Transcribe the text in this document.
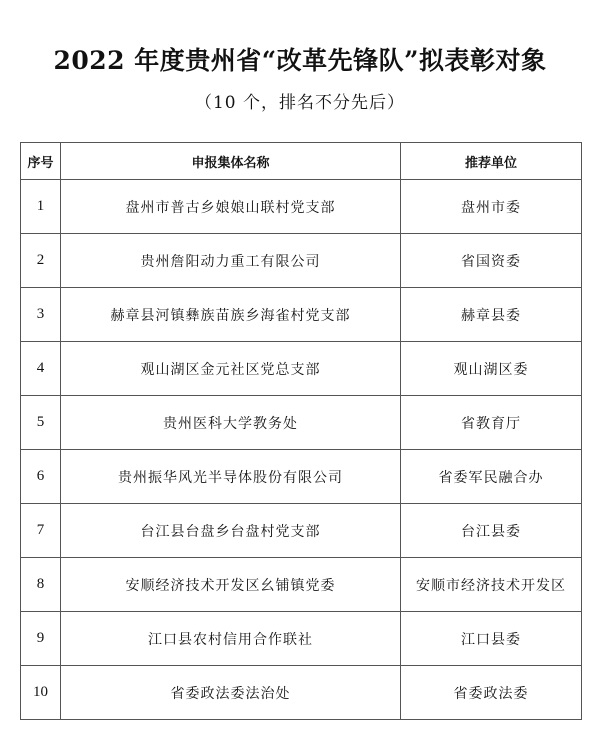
2022 年度贵州省“改革先锋队”拟表彰对象
（10 个，排名不分先后）
序号	申报集体名称	推荐单位
1	盘州市普古乡娘娘山联村党支部	盘州市委
2	贵州詹阳动力重工有限公司	省国资委
3	赫章县河镇彝族苗族乡海雀村党支部	赫章县委
4	观山湖区金元社区党总支部	观山湖区委
5	贵州医科大学教务处	省教育厅
6	贵州振华风光半导体股份有限公司	省委军民融合办
7	台江县台盘乡台盘村党支部	台江县委
8	安顺经济技术开发区幺铺镇党委	安顺市经济技术开发区
9	江口县农村信用合作联社	江口县委
10	省委政法委法治处	省委政法委
